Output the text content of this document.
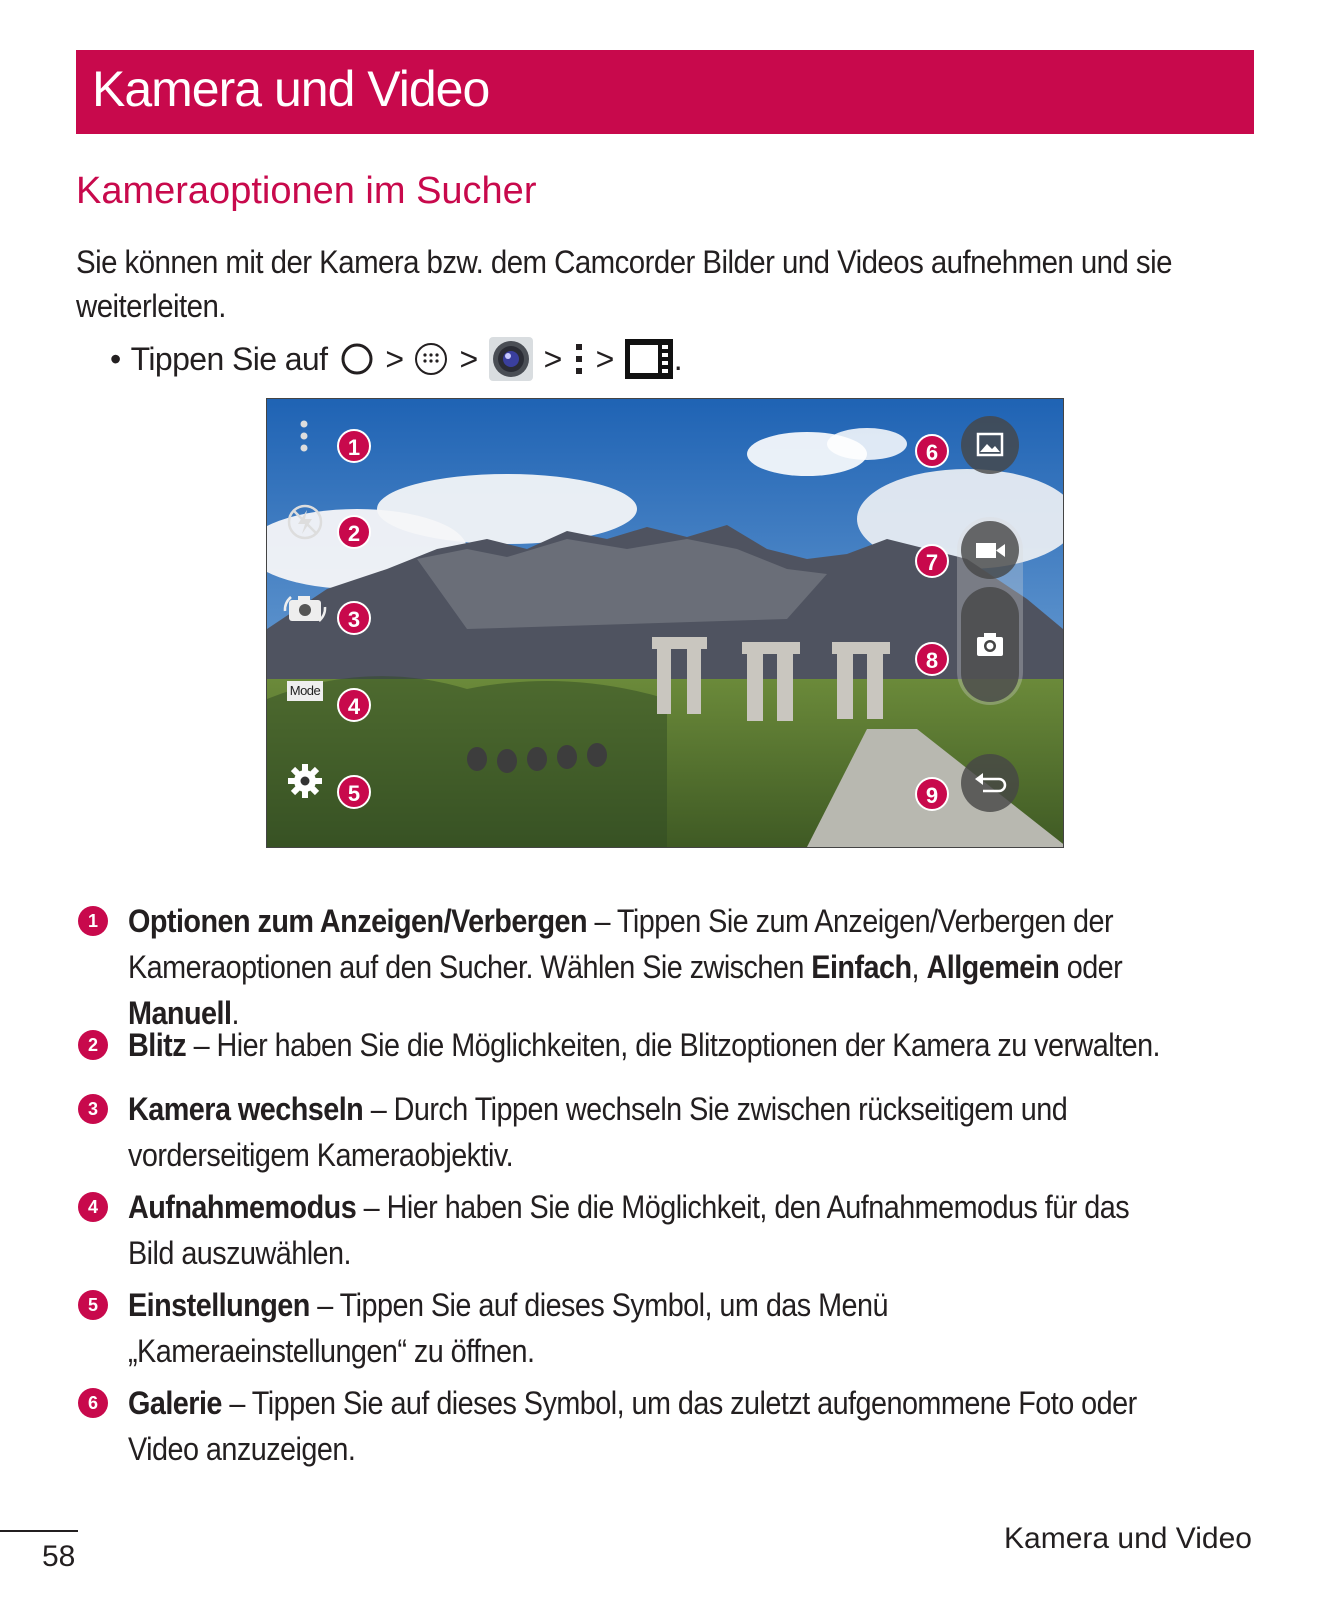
Kamera und Video
Kameraoptionen im Sucher
Sie können mit der Kamera bzw. dem Camcorder Bilder und Videos aufnehmen und sie
weiterleiten.
• Tippen Sie auf > > > > .
Mode
1
2
3
4
5
6
7
8
9
1 Optionen zum Anzeigen/Verbergen – Tippen Sie zum Anzeigen/Verbergen der
Kameraoptionen auf den Sucher. Wählen Sie zwischen Einfach, Allgemein oder
Manuell.
2 Blitz – Hier haben Sie die Möglichkeiten, die Blitzoptionen der Kamera zu verwalten.
3 Kamera wechseln – Durch Tippen wechseln Sie zwischen rückseitigem und
vorderseitigem Kameraobjektiv.
4 Aufnahmemodus – Hier haben Sie die Möglichkeit, den Aufnahmemodus für das
Bild auszuwählen.
5 Einstellungen – Tippen Sie auf dieses Symbol, um das Menü
„Kameraeinstellungen“ zu öffnen.
6 Galerie – Tippen Sie auf dieses Symbol, um das zuletzt aufgenommene Foto oder
Video anzuzeigen.
58
Kamera und Video
